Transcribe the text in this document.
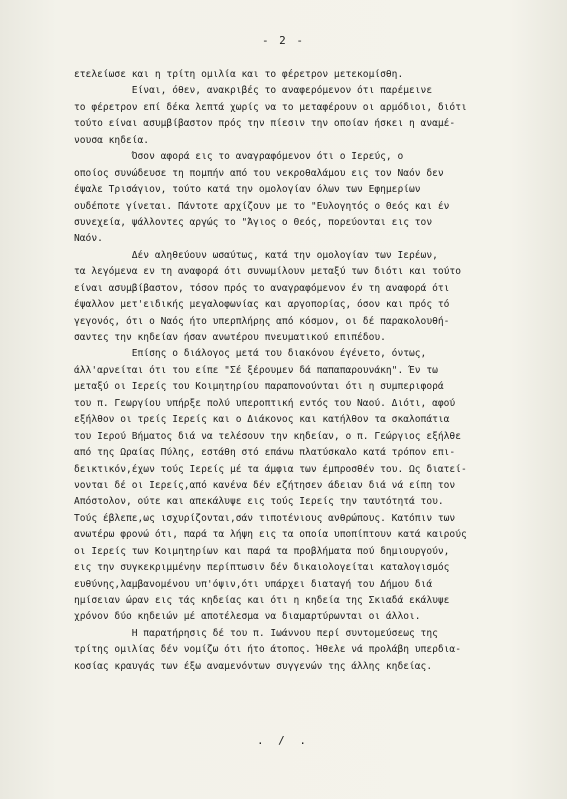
- 2 -
ετελείωσε και η τρίτη ομιλία και το φέρετρον μετεκομίσθη.
Είναι, όθεν, ανακριβές το αναφερόμενον ότι παρέμεινε
το φέρετρον επί δέκα λεπτά χωρίς να το μεταφέρουν οι αρμόδιοι, διότι
τούτο είναι ασυμβίβαστον πρός την πίεσιν την οποίαν ήσκει η αναμέ-
νουσα κηδεία.
Όσον αφορά εις το αναγραφόμενον ότι ο Ιερεύς, ο
οποίος συνώδευσε τη πομπήν από του νεκροθαλάμου εις τον Ναόν δεν
έψαλε Τρισάγιον, τούτο κατά την ομολογίαν όλων των Εφημερίων
ουδέποτε γίνεται. Πάντοτε αρχίζουν με το "Ευλογητός ο Θεός και έν
συνεχεία, ψάλλοντες αργώς το "Άγιος ο Θεός, πορεύονται εις τον
Ναόν.
Δέν αληθεύουν ωσαύτως, κατά την ομολογίαν των Ιερέων,
τα λεγόμενα εν τη αναφορά ότι συνωμίλουν μεταξύ των διότι και τούτο
είναι ασυμβίβαστον, τόσον πρός το αναγραφόμενον έν τη αναφορά ότι
έψαλλον μετ'ειδικής μεγαλοφωνίας και αργοπορίας, όσον και πρός τό
γεγονός, ότι ο Ναός ήτο υπερπλήρης από κόσμον, οι δέ παρακολουθή-
σαντες την κηδείαν ήσαν ανωτέρου πνευματικού επιπέδου.
Επίσης ο διάλογος μετά του διακόνου έγένετο, όντως,
άλλ'αρνείται ότι του είπε "Σέ ξέρουμεν δά παπαπαρουνάκη". Έν τω
μεταξύ οι Ιερείς του Κοιμητηρίου παραπονούνται ότι η συμπεριφορά
του π. Γεωργίου υπήρξε πολύ υπεροπτική εντός του Ναού. Διότι, αφού
εξήλθον οι τρείς Ιερείς και ο Διάκονος και κατήλθον τα σκαλοπάτια
του Ιερού Βήματος διά να τελέσουν την κηδείαν, ο π. Γεώργιος εξήλθε
από της Ωραίας Πύλης, εστάθη στό επάνω πλατύσκαλο κατά τρόπον επι-
δεικτικόν,έχων τούς Ιερείς μέ τα άμφια των έμπροσθέν του. Ως διατεί-
νονται δέ οι Ιερείς,από κανένα δέν εζήτησεν άδειαν διά νά είπη τον
Απόστολον, ούτε και απεκάλυψε εις τούς Ιερείς την ταυτότητά του.
Τούς έβλεπε,ως ισχυρίζονται,σάν τιποτένιους ανθρώπους. Κατόπιν των
ανωτέρω φρονώ ότι, παρά τα λήψη εις τα οποία υποπίπτουν κατά καιρούς
οι Ιερείς των Κοιμητηρίων και παρά τα προβλήματα πού δημιουργούν,
εις την συγκεκριμμένην περίπτωσιν δέν δικαιολογείται καταλογισμός
ευθύνης,λαμβανομένου υπ'όψιν,ότι υπάρχει διαταγή του Δήμου διά
ημίσειαν ώραν εις τάς κηδείας και ότι η κηδεία της Σκιαδά εκάλυψε
χρόνον δύο κηδειών μέ αποτέλεσμα να διαμαρτύρωνται οι άλλοι.
Η παρατήρησις δέ του π. Ιωάννου περί συντομεύσεως της
τρίτης ομιλίας δέν νομίζω ότι ήτο άτοπος. Ήθελε νά προλάβη υπερδια-
κοσίας κραυγάς των έξω αναμενόντων συγγενών της άλλης κηδείας.
. / .
